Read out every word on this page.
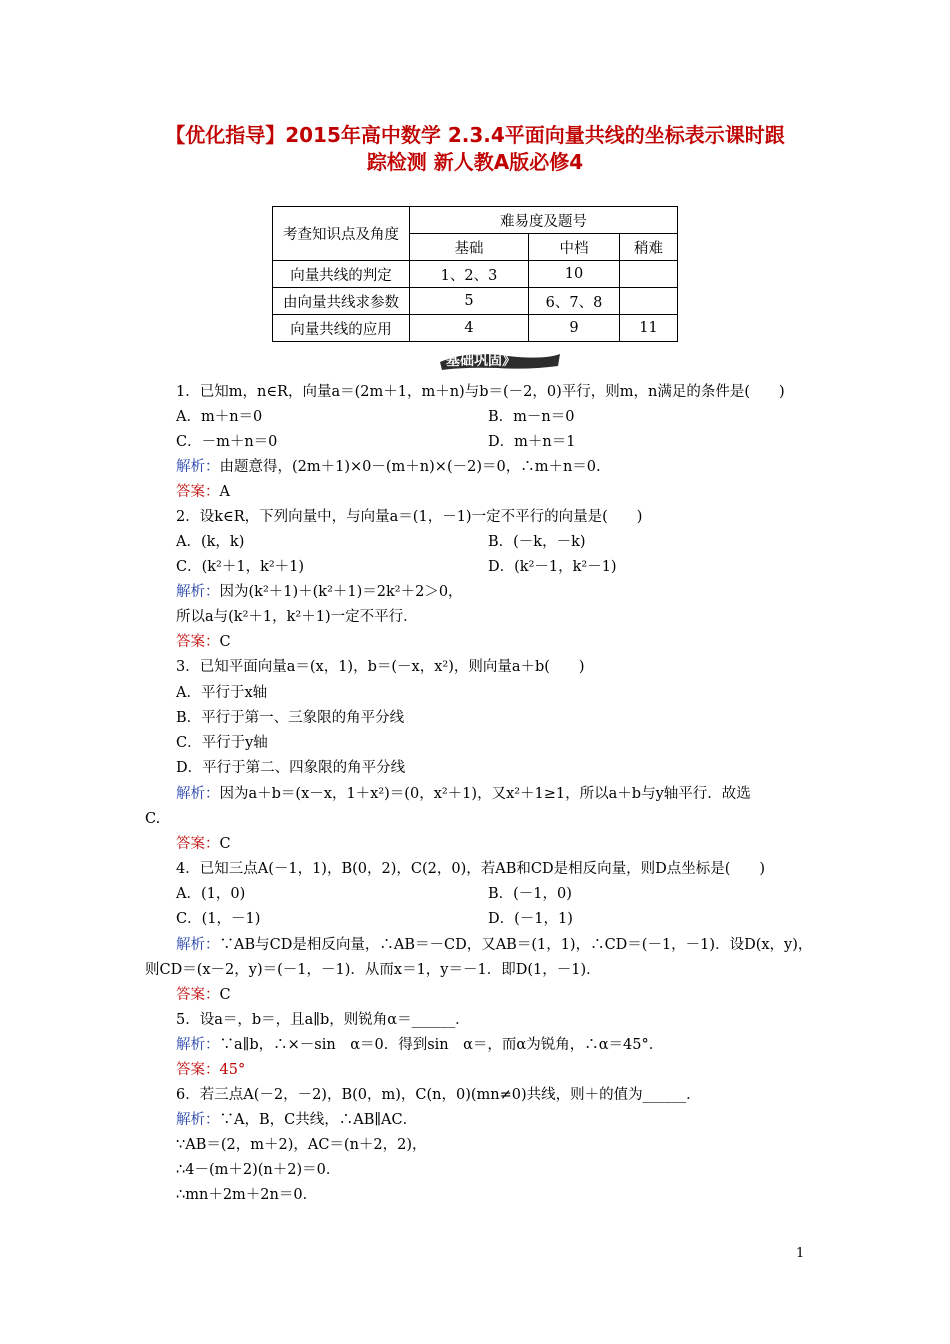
【优化指导】2015年高中数学 2.3.4平面向量共线的坐标表示课时跟
踪检测 新人教A版必修4
考查知识点及角度	难易度及题号		
	基础	中档	稍难
向量共线的判定	1、2、3	10	
由向量共线求参数	5	6、7、8	
向量共线的应用	4	9	11
基础巩固》
1．已知m，n∈R，向量a＝(2m＋1，m＋n)与b＝(－2，0)平行，则m，n满足的条件是(　　)
A．m＋n＝0	B．m－n＝0
C．－m＋n＝0	D．m＋n＝1
解析：由题意得，(2m＋1)×0－(m＋n)×(－2)＝0，∴m＋n＝0.
答案：A
2．设k∈R，下列向量中，与向量a＝(1，－1)一定不平行的向量是(　　)
A．(k，k)	B．(－k，－k)
C．(k²＋1，k²＋1)	D．(k²－1，k²－1)
解析：因为(k²＋1)＋(k²＋1)＝2k²＋2＞0，
所以a与(k²＋1，k²＋1)一定不平行．
答案：C
3．已知平面向量a＝(x，1)，b＝(－x，x²)，则向量a＋b(　　)
A．平行于x轴
B．平行于第一、三象限的角平分线
C．平行于y轴
D．平行于第二、四象限的角平分线
解析：因为a＋b＝(x－x，1＋x²)＝(0，x²＋1)，又x²＋1≥1，所以a＋b与y轴平行．故选
C.
答案：C
4．已知三点A(－1，1)，B(0，2)，C(2，0)，若AB和CD是相反向量，则D点坐标是(　　)
A．(1，0)	B．(－1，0)
C．(1，－1)	D．(－1，1)
解析：∵AB与CD是相反向量，∴AB＝－CD，又AB＝(1，1)，∴CD＝(－1，－1)．设D(x，y)，
则CD＝(x－2，y)＝(－1，－1)．从而x＝1，y＝－1．即D(1，－1)．
答案：C
5．设a＝，b＝，且a∥b，则锐角α＝______．
解析：∵a∥b，∴×－sin　α＝0．得到sin　α＝，而α为锐角，∴α＝45°．
答案：45°
6．若三点A(－2，－2)，B(0，m)，C(n，0)(mn≠0)共线，则＋的值为______．
解析：∵A，B，C共线，∴AB∥AC．
∵AB＝(2，m＋2)，AC＝(n＋2，2)，
∴4－(m＋2)(n＋2)＝0．
∴mn＋2m＋2n＝0．
1
